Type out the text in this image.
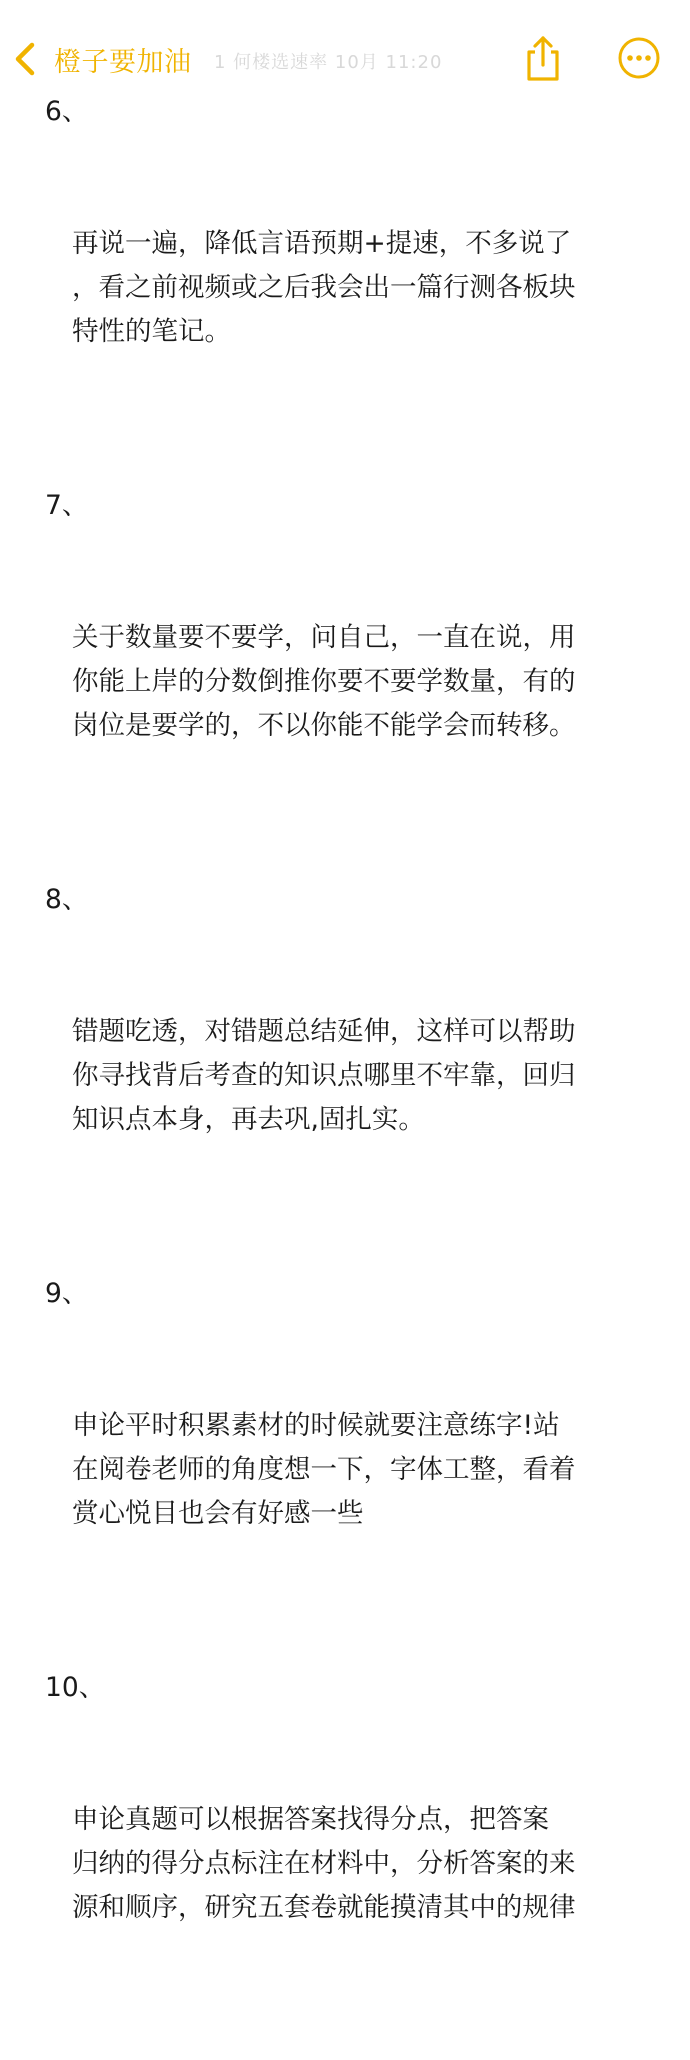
橙子要加油 1 何楼选速率 10月 11:20

6、

再说一遍，降低言语预期+提速，不多说了
，看之前视频或之后我会出一篇行测各板块
特性的笔记。

7、

关于数量要不要学，问自己，一直在说，用
你能上岸的分数倒推你要不要学数量，有的
岗位是要学的，不以你能不能学会而转移。

8、

错题吃透，对错题总结延伸，这样可以帮助
你寻找背后考查的知识点哪里不牢靠，回归
知识点本身，再去巩,固扎实。

9、

申论平时积累素材的时候就要注意练字!站
在阅卷老师的角度想一下，字体工整，看着
赏心悦目也会有好感一些

10、

申论真题可以根据答案找得分点，把答案
归纳的得分点标注在材料中，分析答案的来
源和顺序，研究五套卷就能摸清其中的规律
